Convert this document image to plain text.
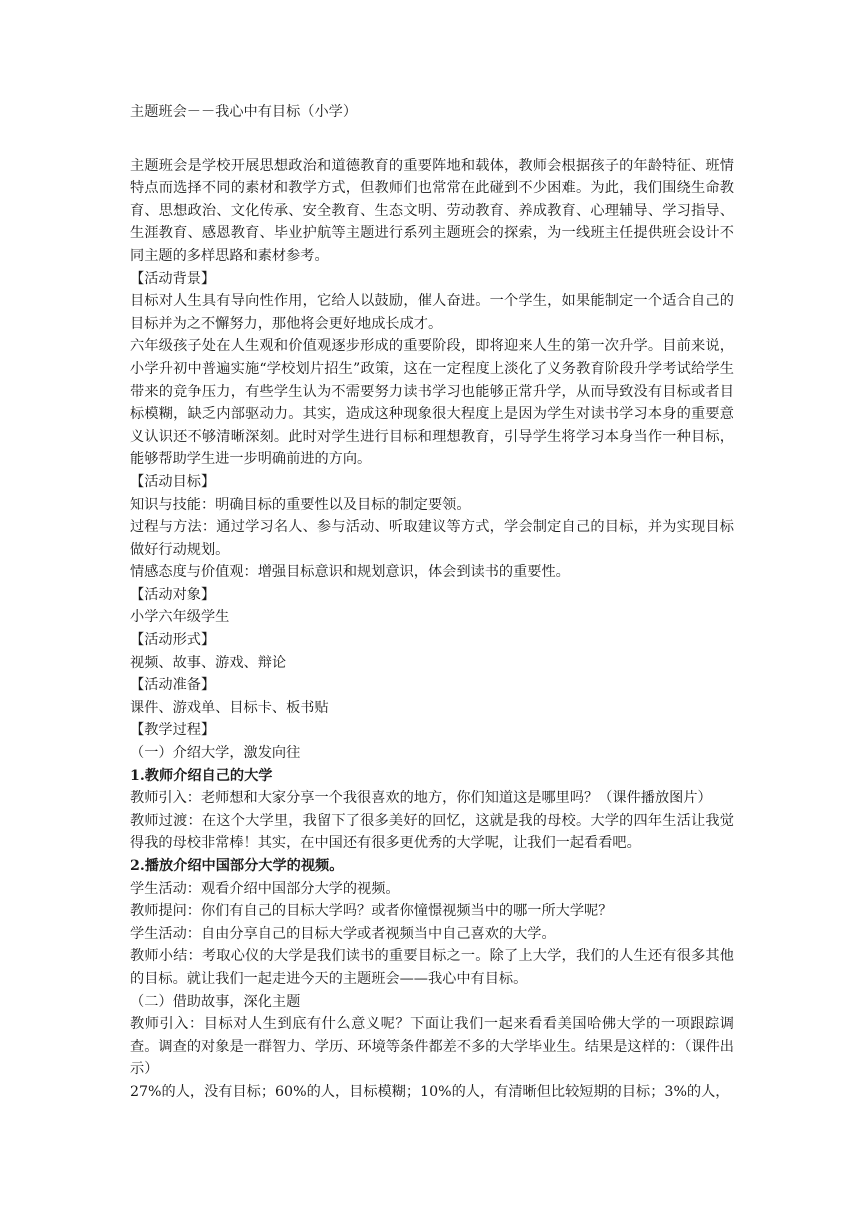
主题班会－－我心中有目标（小学）

主题班会是学校开展思想政治和道德教育的重要阵地和载体，教师会根据孩子的年龄特征、班情特点而选择不同的素材和教学方式，但教师们也常常在此碰到不少困难。为此，我们围绕生命教育、思想政治、文化传承、安全教育、生态文明、劳动教育、养成教育、心理辅导、学习指导、生涯教育、感恩教育、毕业护航等主题进行系列主题班会的探索，为一线班主任提供班会设计不同主题的多样思路和素材参考。

【活动背景】

目标对人生具有导向性作用，它给人以鼓励，催人奋进。一个学生，如果能制定一个适合自己的目标并为之不懈努力，那他将会更好地成长成才。

六年级孩子处在人生观和价值观逐步形成的重要阶段，即将迎来人生的第一次升学。目前来说，小学升初中普遍实施“学校划片招生”政策，这在一定程度上淡化了义务教育阶段升学考试给学生带来的竞争压力，有些学生认为不需要努力读书学习也能够正常升学，从而导致没有目标或者目标模糊，缺乏内部驱动力。其实，造成这种现象很大程度上是因为学生对读书学习本身的重要意义认识还不够清晰深刻。此时对学生进行目标和理想教育，引导学生将学习本身当作一种目标，能够帮助学生进一步明确前进的方向。

【活动目标】

知识与技能：明确目标的重要性以及目标的制定要领。

过程与方法：通过学习名人、参与活动、听取建议等方式，学会制定自己的目标，并为实现目标做好行动规划。

情感态度与价值观：增强目标意识和规划意识，体会到读书的重要性。

【活动对象】

小学六年级学生

【活动形式】

视频、故事、游戏、辩论

【活动准备】

课件、游戏单、目标卡、板书贴

【教学过程】

（一）介绍大学，激发向往

1.教师介绍自己的大学

教师引入：老师想和大家分享一个我很喜欢的地方，你们知道这是哪里吗？（课件播放图片）

教师过渡：在这个大学里，我留下了很多美好的回忆，这就是我的母校。大学的四年生活让我觉得我的母校非常棒！其实，在中国还有很多更优秀的大学呢，让我们一起看看吧。

2.播放介绍中国部分大学的视频。

学生活动：观看介绍中国部分大学的视频。

教师提问：你们有自己的目标大学吗？或者你憧憬视频当中的哪一所大学呢？

学生活动：自由分享自己的目标大学或者视频当中自己喜欢的大学。

教师小结：考取心仪的大学是我们读书的重要目标之一。除了上大学，我们的人生还有很多其他的目标。就让我们一起走进今天的主题班会——我心中有目标。

（二）借助故事，深化主题

教师引入：目标对人生到底有什么意义呢？下面让我们一起来看看美国哈佛大学的一项跟踪调查。调查的对象是一群智力、学历、环境等条件都差不多的大学毕业生。结果是这样的：（课件出示）

27%的人，没有目标；60%的人，目标模糊；10%的人，有清晰但比较短期的目标；3%的人，
